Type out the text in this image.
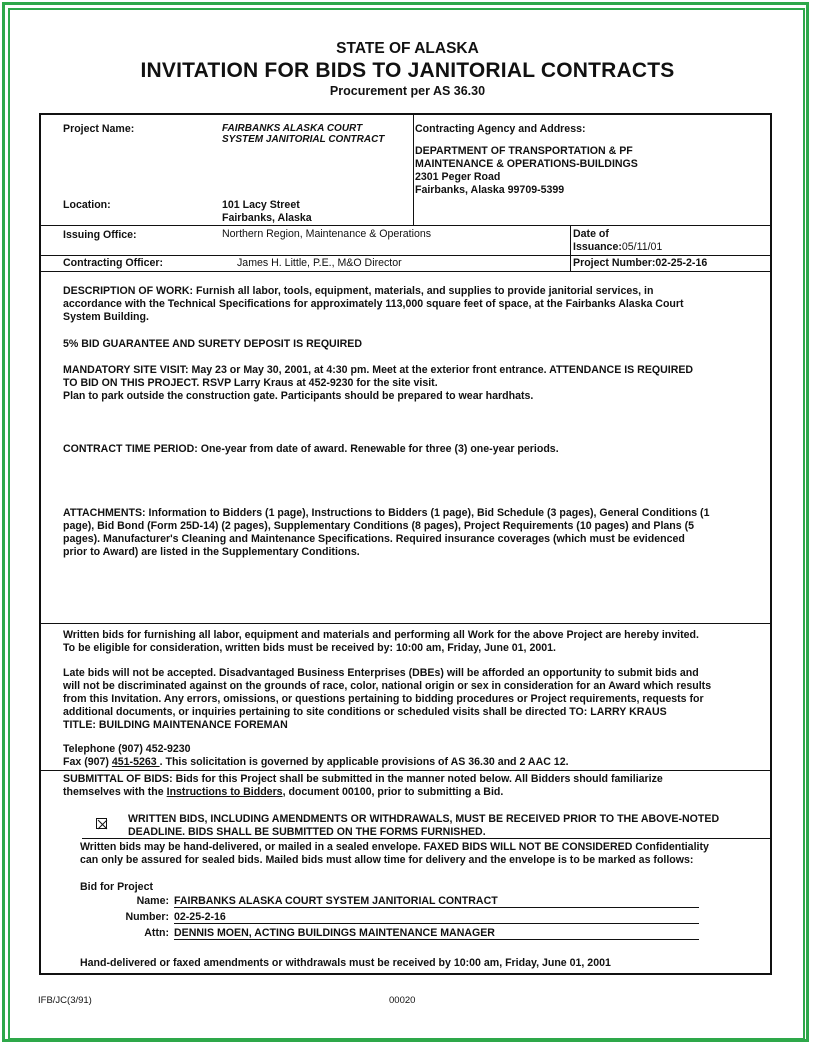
STATE OF ALASKA
INVITATION FOR BIDS TO JANITORIAL CONTRACTS
Procurement per AS 36.30
Project Name:	FAIRBANKS ALASKA COURT
SYSTEM JANITORIAL CONTRACT
Location:	101 Lacy Street
Fairbanks, Alaska
Contracting Agency and Address:
DEPARTMENT OF TRANSPORTATION & PF
MAINTENANCE & OPERATIONS-BUILDINGS
2301 Peger Road
Fairbanks, Alaska 99709-5399
Issuing Office:	Northern Region, Maintenance & Operations	Date of
Issuance:05/11/01
Contracting Officer:	James H. Little, P.E., M&O Director	Project Number:02-25-2-16
DESCRIPTION OF WORK: Furnish all labor, tools, equipment, materials, and supplies to provide janitorial services, in
accordance with the Technical Specifications for approximately 113,000 square feet of space, at the Fairbanks Alaska Court
System Building.
5% BID GUARANTEE AND SURETY DEPOSIT IS REQUIRED
MANDATORY SITE VISIT: May 23 or May 30, 2001, at 4:30 pm. Meet at the exterior front entrance. ATTENDANCE IS REQUIRED
TO BID ON THIS PROJECT. RSVP Larry Kraus at 452-9230 for the site visit.
Plan to park outside the construction gate. Participants should be prepared to wear hardhats.
CONTRACT TIME PERIOD: One-year from date of award. Renewable for three (3) one-year periods.
ATTACHMENTS: Information to Bidders (1 page), Instructions to Bidders (1 page), Bid Schedule (3 pages), General Conditions (1
page), Bid Bond (Form 25D-14) (2 pages), Supplementary Conditions (8 pages), Project Requirements (10 pages) and Plans (5
pages). Manufacturer's Cleaning and Maintenance Specifications. Required insurance coverages (which must be evidenced
prior to Award) are listed in the Supplementary Conditions.
Written bids for furnishing all labor, equipment and materials and performing all Work for the above Project are hereby invited.
To be eligible for consideration, written bids must be received by: 10:00 am, Friday, June 01, 2001.
Late bids will not be accepted. Disadvantaged Business Enterprises (DBEs) will be afforded an opportunity to submit bids and
will not be discriminated against on the grounds of race, color, national origin or sex in consideration for an Award which results
from this Invitation. Any errors, omissions, or questions pertaining to bidding procedures or Project requirements, requests for
additional documents, or inquiries pertaining to site conditions or scheduled visits shall be directed TO: LARRY KRAUS
TITLE: BUILDING MAINTENANCE FOREMAN
Telephone (907) 452-9230
Fax (907) 451-5263 . This solicitation is governed by applicable provisions of AS 36.30 and 2 AAC 12.
SUBMITTAL OF BIDS: Bids for this Project shall be submitted in the manner noted below. All Bidders should familiarize
themselves with the Instructions to Bidders, document 00100, prior to submitting a Bid.
WRITTEN BIDS, INCLUDING AMENDMENTS OR WITHDRAWALS, MUST BE RECEIVED PRIOR TO THE ABOVE-NOTED
DEADLINE. BIDS SHALL BE SUBMITTED ON THE FORMS FURNISHED.
Written bids may be hand-delivered, or mailed in a sealed envelope. FAXED BIDS WILL NOT BE CONSIDERED Confidentiality
can only be assured for sealed bids. Mailed bids must allow time for delivery and the envelope is to be marked as follows:
Bid for Project
Name: FAIRBANKS ALASKA COURT SYSTEM JANITORIAL CONTRACT
Number: 02-25-2-16
Attn: DENNIS MOEN, ACTING BUILDINGS MAINTENANCE MANAGER
Hand-delivered or faxed amendments or withdrawals must be received by 10:00 am, Friday, June 01, 2001
IFB/JC(3/91)	00020
